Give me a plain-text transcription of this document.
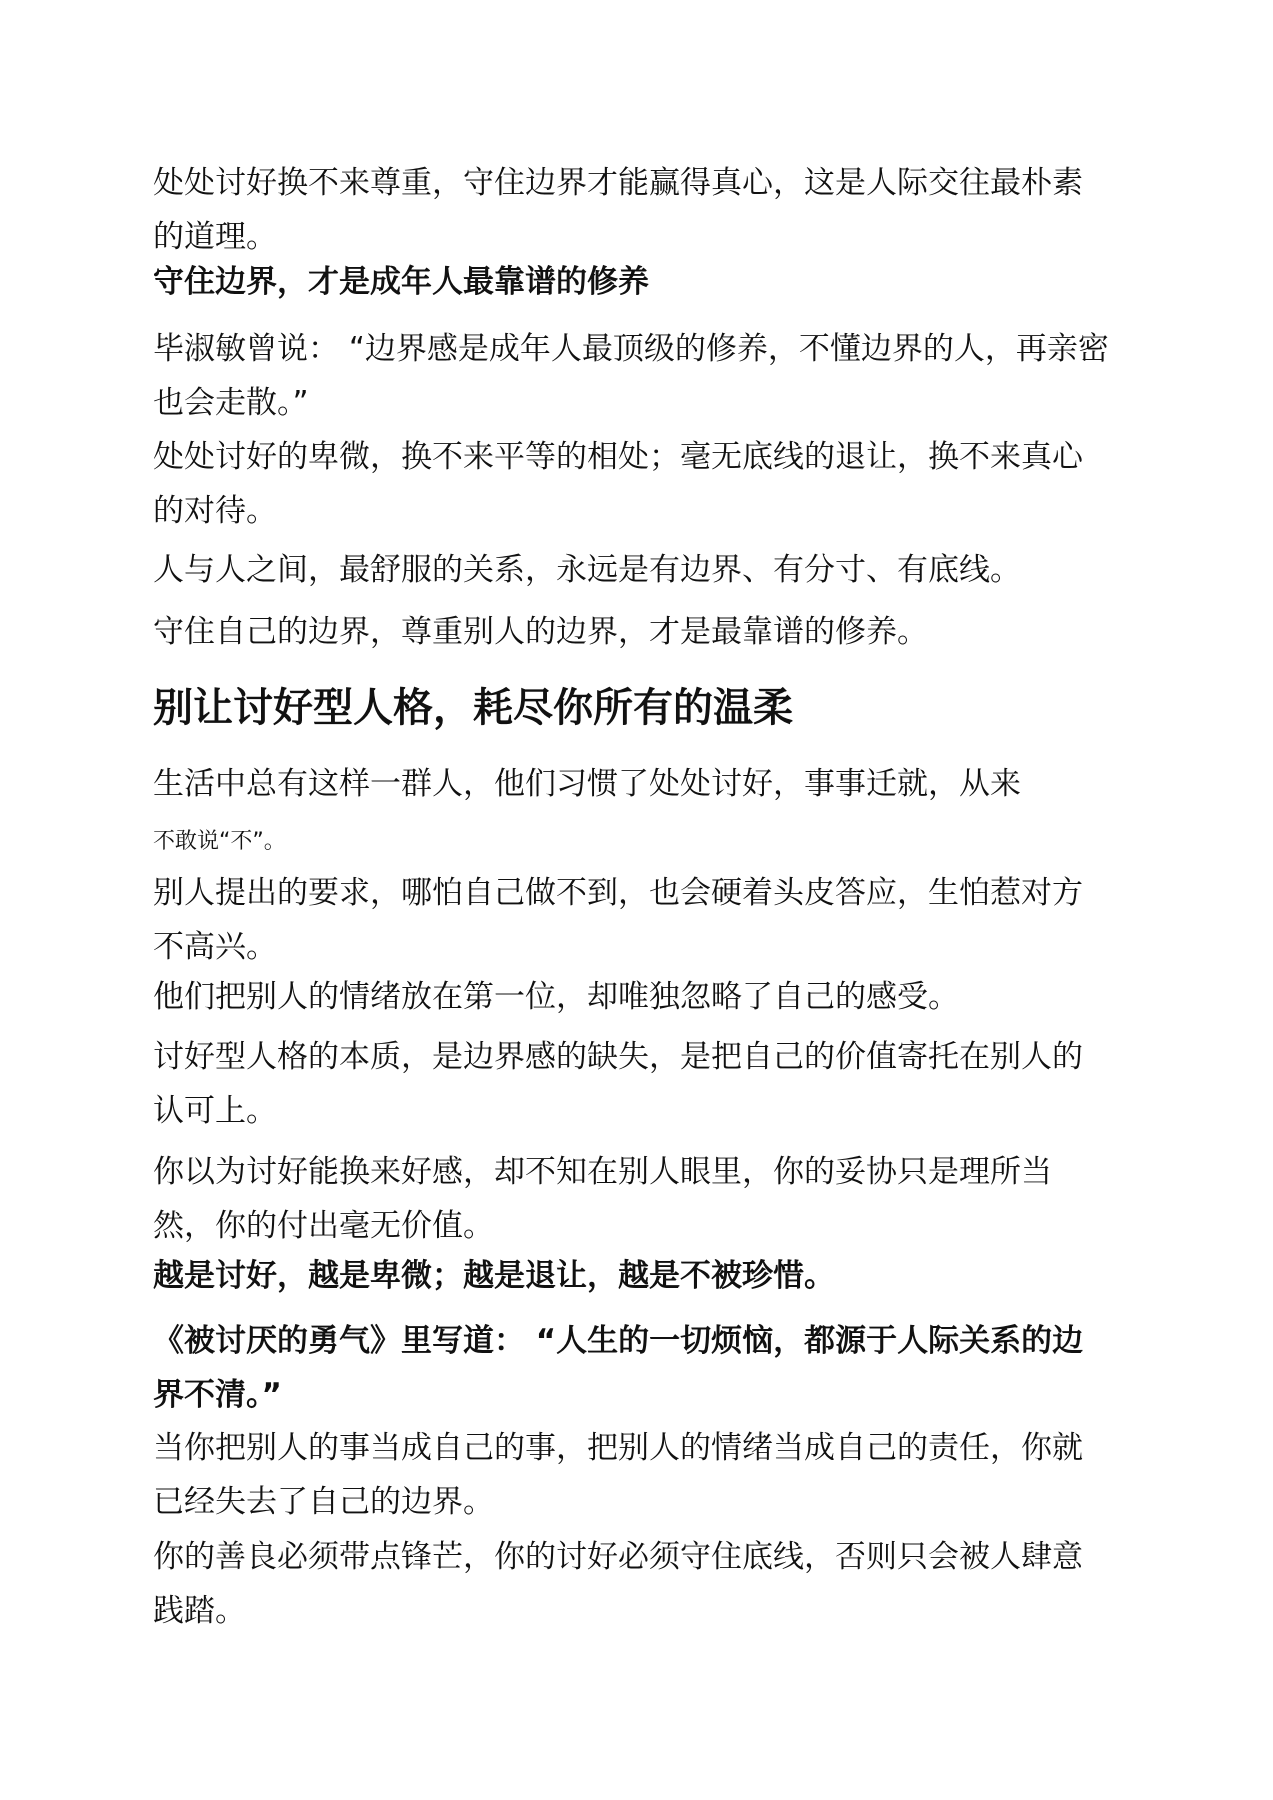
处处讨好换不来尊重，守住边界才能赢得真心，这是人际交往最朴素的道理。

守住边界，才是成年人最靠谱的修养

毕淑敏曾说： “边界感是成年人最顶级的修养，不懂边界的人，再亲密也会走散。”

处处讨好的卑微，换不来平等的相处；毫无底线的退让，换不来真心的对待。

人与人之间，最舒服的关系，永远是有边界、有分寸、有底线。

守住自己的边界，尊重别人的边界，才是最靠谱的修养。

别让讨好型人格，耗尽你所有的温柔

生活中总有这样一群人，他们习惯了处处讨好，事事迁就，从来

不敢说“不”。

别人提出的要求，哪怕自己做不到，也会硬着头皮答应，生怕惹对方不高兴。

他们把别人的情绪放在第一位，却唯独忽略了自己的感受。

讨好型人格的本质，是边界感的缺失，是把自己的价值寄托在别人的认可上。

你以为讨好能换来好感，却不知在别人眼里，你的妥协只是理所当然，你的付出毫无价值。

越是讨好，越是卑微；越是退让，越是不被珍惜。

《被讨厌的勇气》里写道： “人生的一切烦恼，都源于人际关系的边界不清。”

当你把别人的事当成自己的事，把别人的情绪当成自己的责任，你就已经失去了自己的边界。

你的善良必须带点锋芒，你的讨好必须守住底线，否则只会被人肆意践踏。
